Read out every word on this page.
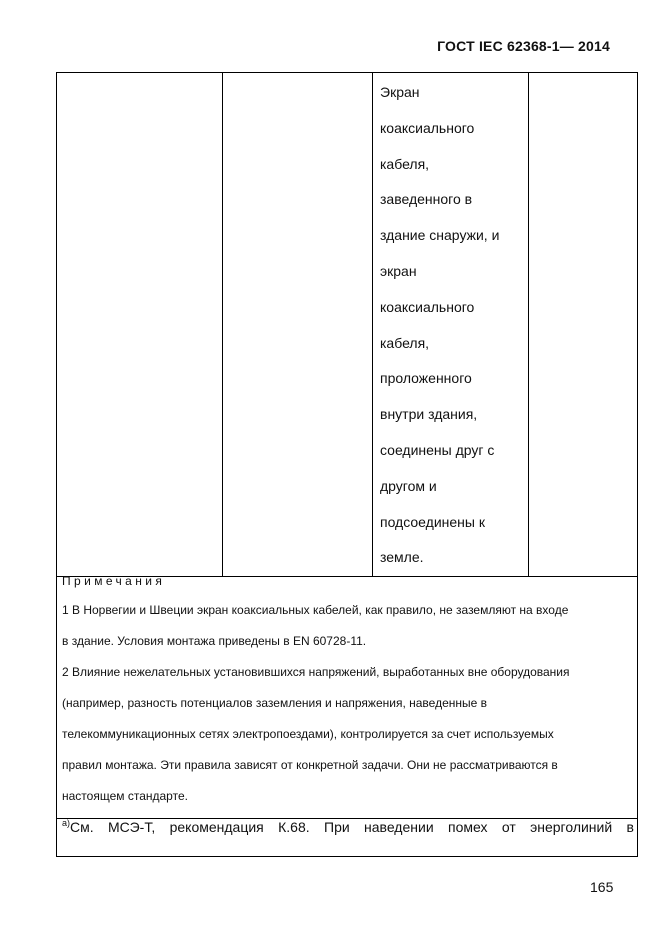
ГОСТ IEC 62368-1— 2014
Экран
коаксиального
кабеля,
заведенного в
здание снаружи, и
экран
коаксиального
кабеля,
проложенного
внутри здания,
соединены друг с
другом и
подсоединены к
земле.
Примечания
1 В Норвегии и Швеции экран коаксиальных кабелей, как правило, не заземляют на входе
в здание. Условия монтажа приведены в EN 60728-11.
2 Влияние нежелательных установившихся напряжений, выработанных вне оборудования
(например, разность потенциалов заземления и напряжения, наведенные в
телекоммуникационных сетях электропоездами), контролируется за счет используемых
правил монтажа. Эти правила зависят от конкретной задачи. Они не рассматриваются в
настоящем стандарте.
$^{а)}$См. МСЭ-Т, рекомендация К.68. При наведении помех от энерголиний в
165
